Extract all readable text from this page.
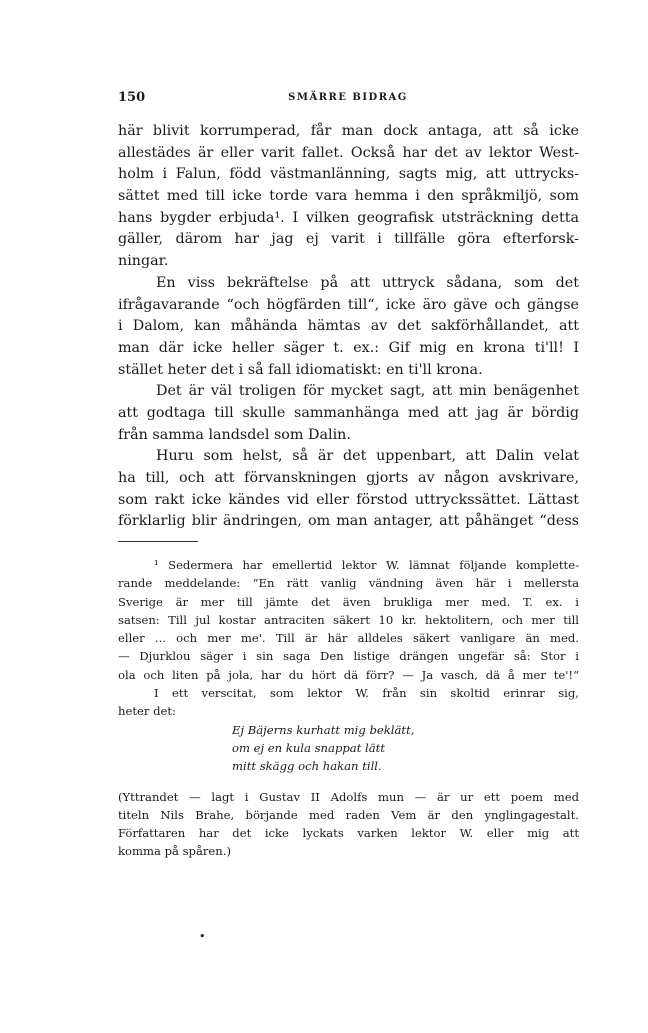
150	SMÄRRE BIDRAG
här blivit korrumperad, får man dock antaga, att så icke
allestädes är eller varit fallet. Också har det av lektor West-
holm i Falun, född västmanlänning, sagts mig, att uttrycks-
sättet med till icke torde vara hemma i den språkmiljö, som
hans bygder erbjuda¹. I vilken geografisk utsträckning detta
gäller, därom har jag ej varit i tillfälle göra efterforsk-
ningar.
En viss bekräftelse på att uttryck sådana, som det
ifrågavarande “och högfärden till“, icke äro gäve och gängse
i Dalom, kan måhända hämtas av det sakförhållandet, att
man där icke heller säger t. ex.: Gif mig en krona ti'll! I
stället heter det i så fall idiomatiskt: en ti'll krona.
Det är väl troligen för mycket sagt, att min benägenhet
att godtaga till skulle sammanhänga med att jag är bördig
från samma landsdel som Dalin.
Huru som helst, så är det uppenbart, att Dalin velat
ha till, och att förvanskningen gjorts av någon avskrivare,
som rakt icke kändes vid eller förstod uttryckssättet. Lättast
förklarlig blir ändringen, om man antager, att påhänget “dess
¹ Sedermera har emellertid lektor W. lämnat följande komplette-
rande meddelande: “En rätt vanlig vändning även här i mellersta
Sverige är mer till jämte det även brukliga mer med. T. ex. i
satsen: Till jul kostar antraciten säkert 10 kr. hektolitern, och mer till
eller ... och mer me'. Till är här alldeles säkert vanligare än med.
— Djurklou säger i sin saga Den listige drängen ungefär så: Stor i
ola och liten på jola, har du hört dä förr? — Ja vasch, dä å mer te'!“
I ett verscitat, som lektor W. från sin skoltid erinrar sig,
heter det:
Ej Bäjerns kurhatt mig beklätt,
om ej en kula snappat lätt
mitt skägg och hakan till.
(Yttrandet — lagt i Gustav II Adolfs mun — är ur ett poem med
titeln Nils Brahe, börjande med raden Vem är den ynglingagestalt.
Författaren har det icke lyckats varken lektor W. eller mig att
komma på spåren.)
•
